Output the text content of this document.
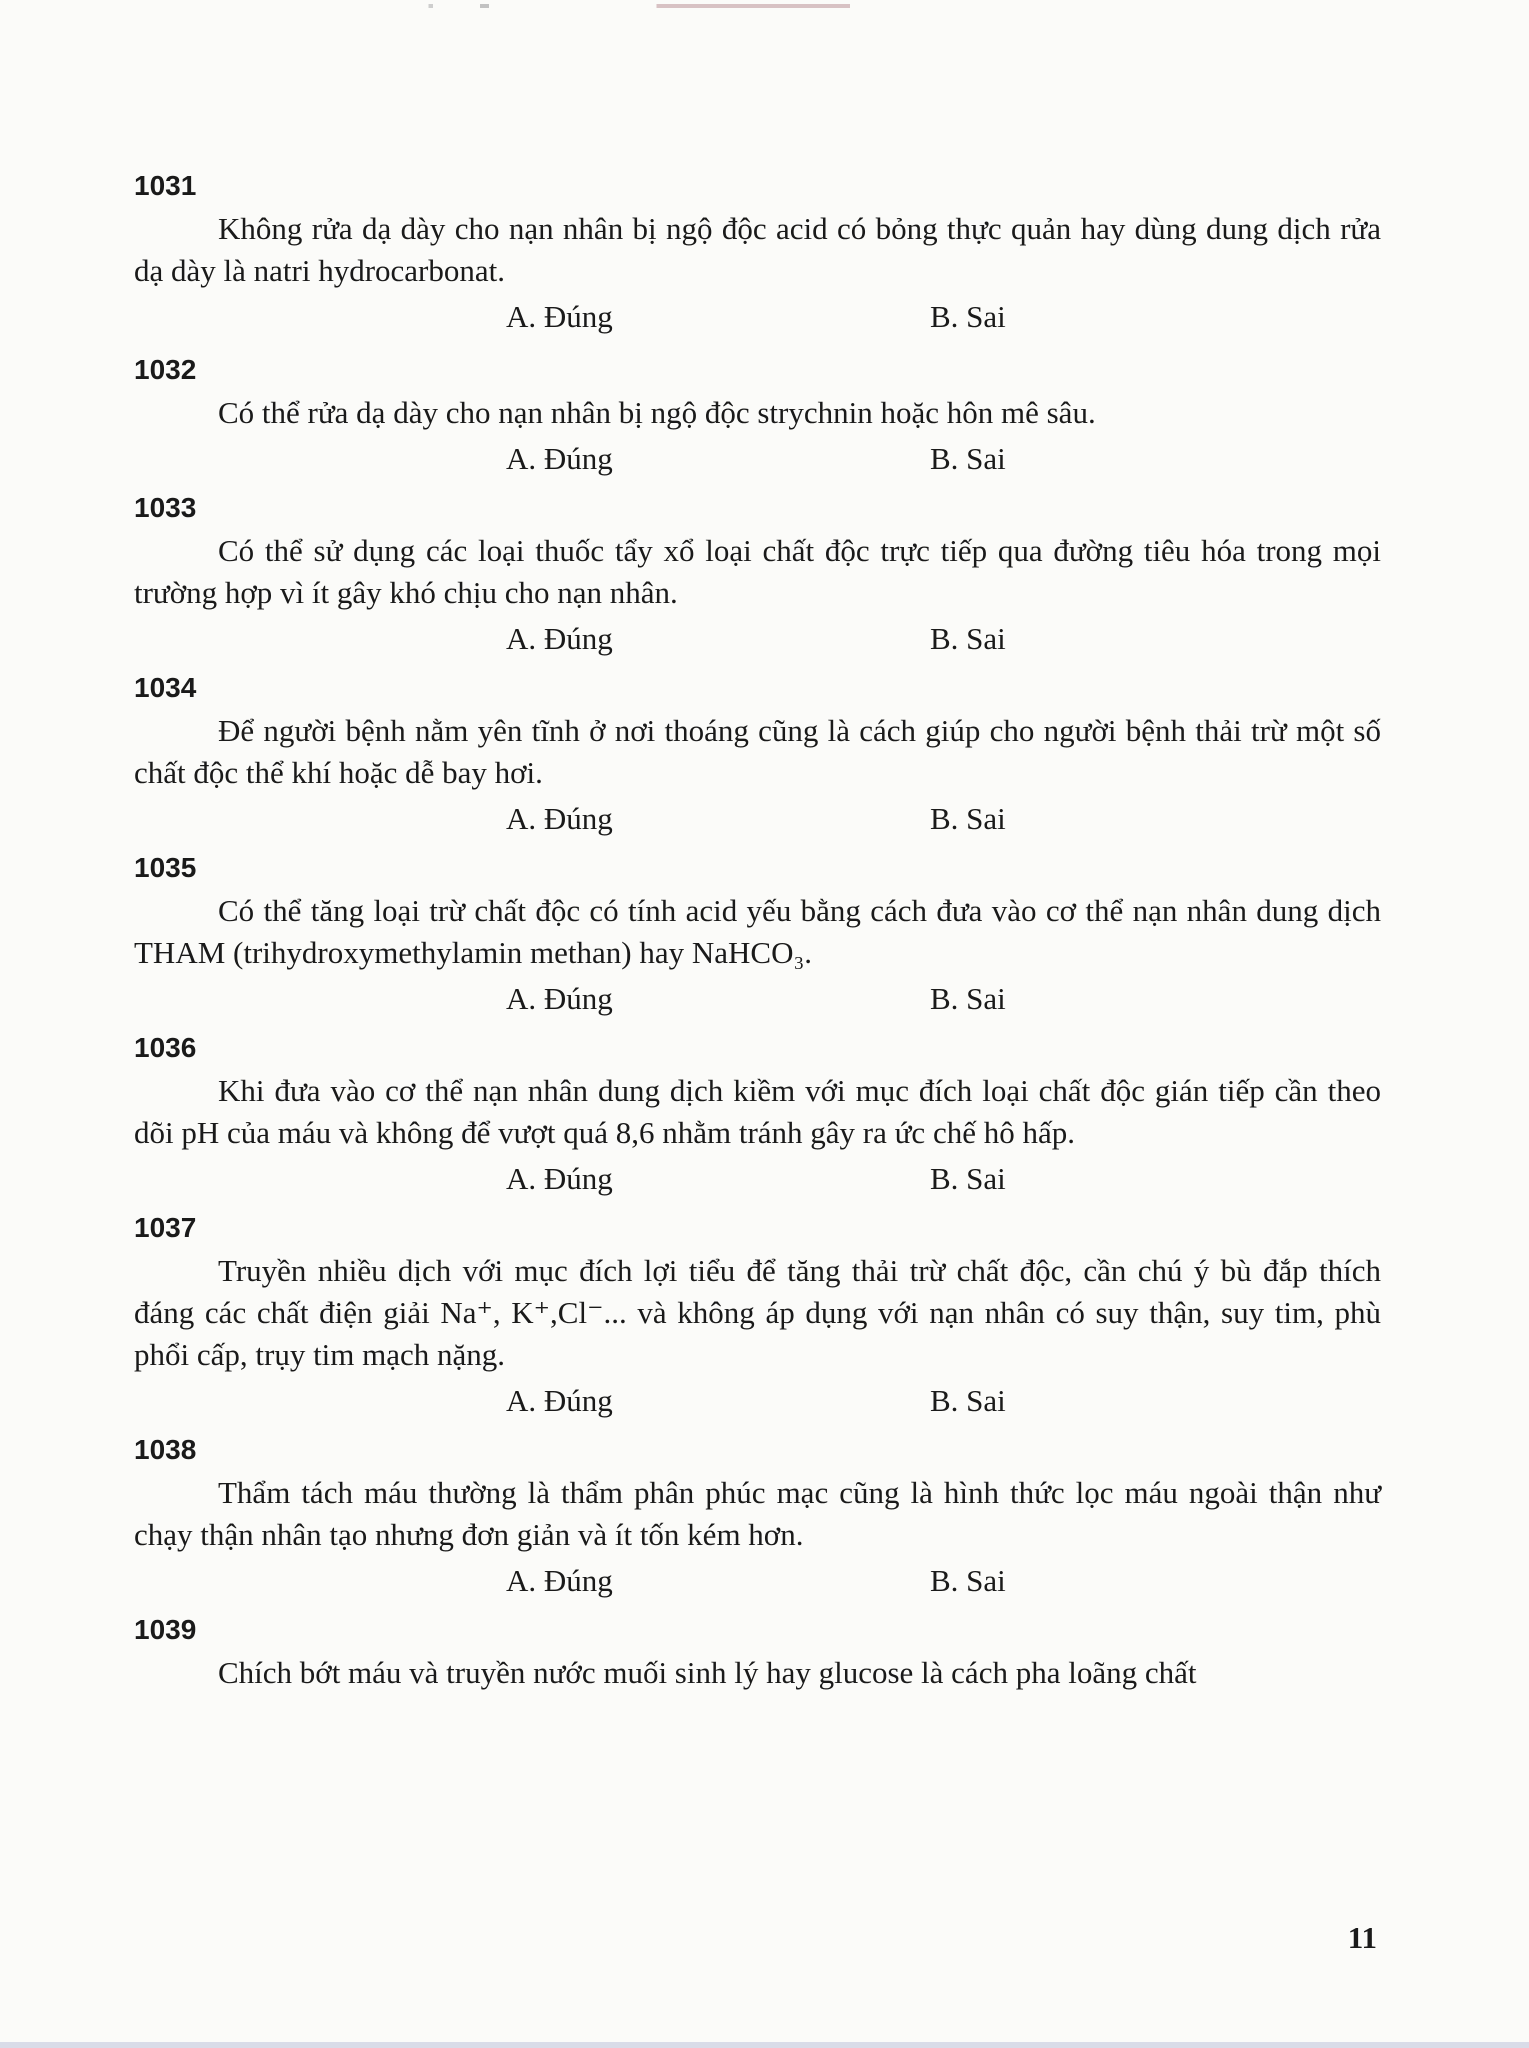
1031

Không rửa dạ dày cho nạn nhân bị ngộ độc acid có bỏng thực quản hay dùng dung dịch rửa dạ dày là natri hydrocarbonat.

A. Đúng	B. Sai
1032

Có thể rửa dạ dày cho nạn nhân bị ngộ độc strychnin hoặc hôn mê sâu.

A. Đúng	B. Sai
1033

Có thể sử dụng các loại thuốc tẩy xổ loại chất độc trực tiếp qua đường tiêu hóa trong mọi trường hợp vì ít gây khó chịu cho nạn nhân.

A. Đúng	B. Sai
1034

Để người bệnh nằm yên tĩnh ở nơi thoáng cũng là cách giúp cho người bệnh thải trừ một số chất độc thể khí hoặc dễ bay hơi.

A. Đúng	B. Sai
1035

Có thể tăng loại trừ chất độc có tính acid yếu bằng cách đưa vào cơ thể nạn nhân dung dịch THAM (trihydroxymethylamin methan) hay NaHCO₃.

A. Đúng	B. Sai
1036

Khi đưa vào cơ thể nạn nhân dung dịch kiềm với mục đích loại chất độc gián tiếp cần theo dõi pH của máu và không để vượt quá 8,6 nhằm tránh gây ra ức chế hô hấp.

A. Đúng	B. Sai
1037

Truyền nhiều dịch với mục đích lợi tiểu để tăng thải trừ chất độc, cần chú ý bù đắp thích đáng các chất điện giải Na⁺, K⁺,Cl⁻... và không áp dụng với nạn nhân có suy thận, suy tim, phù phổi cấp, trụy tim mạch nặng.

A. Đúng	B. Sai
1038

Thẩm tách máu thường là thẩm phân phúc mạc cũng là hình thức lọc máu ngoài thận như chạy thận nhân tạo nhưng đơn giản và ít tốn kém hơn.

A. Đúng	B. Sai
1039

Chích bớt máu và truyền nước muối sinh lý hay glucose là cách pha loãng chất

11
